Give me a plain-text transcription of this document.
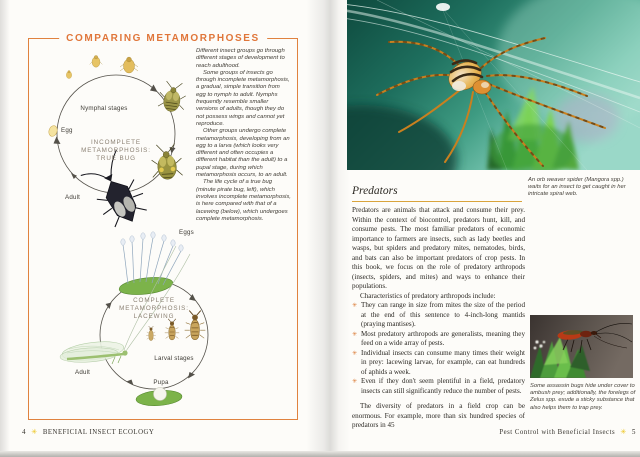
COMPARING METAMORPHOSES
Nymphal stages
INCOMPLETE
METAMORPHOSIS:
TRUE BUG
Egg
Adult
Eggs
COMPLETE
METAMORPHOSIS:
LACEWING
Larval stages
Pupa
Adult

Different insect groups go through different stages of development to reach adulthood.

Some groups of insects go through incomplete metamorphosis, a gradual, simple transition from egg to nymph to adult. Nymphs frequently resemble smaller versions of adults, though they do not possess wings and cannot yet reproduce.

Other groups undergo complete metamorphosis, developing from an egg to a larva (which looks very different and often occupies a different habitat than the adult) to a pupal stage, during which metamorphosis occurs, to an adult.

The life cycle of a true bug (minute pirate bug, left), which involves incomplete metamorphosis, is here compared with that of a lacewing (below), which undergoes complete metamorphosis.

An orb weaver spider (Mangora spp.) waits for an insect to get caught in her intricate spiral web.
Predators

Predators are animals that attack and consume their prey. Within the context of biocontrol, predators hunt, kill, and consume pests. The most familiar predators of economic importance to farmers are insects, such as lady beetles and wasps, but spiders and predatory mites, nematodes, birds, and bats can also be important predators of crop pests. In this book, we focus on the role of predatory arthropods (insects, spiders, and mites) and ways to enhance their populations.

Characteristics of predatory arthropods include:

✳ They can range in size from mites the size of the period at the end of this sentence to 4-inch-long mantids (praying mantises).
✳ Most predatory arthropods are generalists, meaning they feed on a wide array of pests.
✳ Individual insects can consume many times their weight in prey: lacewing larvae, for example, can eat hundreds of aphids a week.
✳ Even if they don't seem plentiful in a field, predatory insects can still significantly reduce the number of pests.

The diversity of predators in a field crop can be enormous. For example, more than six hundred species of predators in 45

Some assassin bugs hide under cover to ambush prey; additionally, the forelegs of Zelus spp. exude a sticky substance that also helps them to trap prey.
4 ✳ BENEFICIAL INSECT ECOLOGY	Pest Control with Beneficial Insects ✳ 5
